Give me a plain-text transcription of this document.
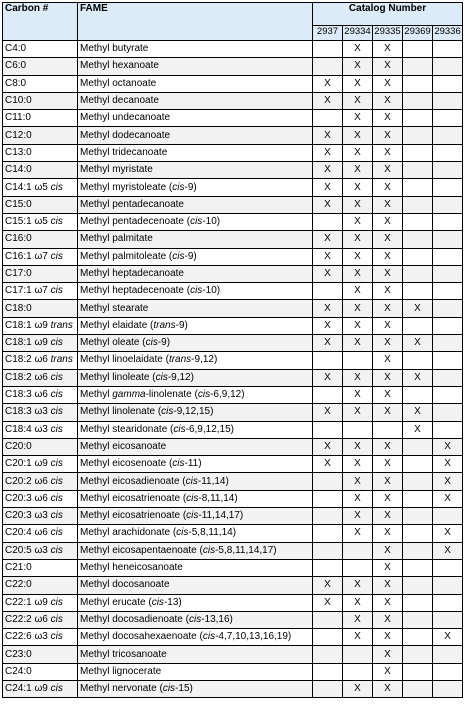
Carbon #	FAME	Catalog Number				
		2937	29334	29335	29369	29336
C4:0	Methyl butyrate		X	X		
C6:0	Methyl hexanoate		X	X		
C8:0	Methyl octanoate	X	X	X		
C10:0	Methyl decanoate	X	X	X		
C11:0	Methyl undecanoate		X	X		
C12:0	Methyl dodecanoate	X	X	X		
C13:0	Methyl tridecanoate	X	X	X		
C14:0	Methyl myristate	X	X	X		
C14:1 ω5 cis	Methyl myristoleate (cis-9)	X	X	X		
C15:0	Methyl pentadecanoate	X	X	X		
C15:1 ω5 cis	Methyl pentadecenoate (cis-10)		X	X		
C16:0	Methyl palmitate	X	X	X		
C16:1 ω7 cis	Methyl palmitoleate (cis-9)	X	X	X		
C17:0	Methyl heptadecanoate	X	X	X		
C17:1 ω7 cis	Methyl heptadecenoate (cis-10)		X	X		
C18:0	Methyl stearate	X	X	X	X	
C18:1 ω9 trans	Methyl elaidate (trans-9)	X	X	X		
C18:1 ω9 cis	Methyl oleate (cis-9)	X	X	X	X	
C18:2 ω6 trans	Methyl linoelaidate (trans-9,12)			X		
C18:2 ω6 cis	Methyl linoleate (cis-9,12)	X	X	X	X	
C18:3 ω6 cis	Methyl gamma-linolenate (cis-6,9,12)		X	X		
C18:3 ω3 cis	Methyl linolenate (cis-9,12,15)	X	X	X	X	
C18:4 ω3 cis	Methyl stearidonate (cis-6,9,12,15)				X	
C20:0	Methyl eicosanoate	X	X	X		X
C20:1 ω9 cis	Methyl eicosenoate (cis-11)	X	X	X		X
C20:2 ω6 cis	Methyl eicosadienoate (cis-11,14)		X	X		X
C20:3 ω6 cis	Methyl eicosatrienoate (cis-8,11,14)		X	X		X
C20:3 ω3 cis	Methyl eicosatrienoate (cis-11,14,17)		X	X		
C20:4 ω6 cis	Methyl arachidonate (cis-5,8,11,14)		X	X		X
C20:5 ω3 cis	Methyl eicosapentaenoate (cis-5,8,11,14,17)			X		X
C21:0	Methyl heneicosanoate			X		
C22:0	Methyl docosanoate	X	X	X		
C22:1 ω9 cis	Methyl erucate (cis-13)	X	X	X		
C22:2 ω6 cis	Methyl docosadienoate (cis-13,16)		X	X		
C22:6 ω3 cis	Methyl docosahexaenoate (cis-4,7,10,13,16,19)		X	X		X
C23:0	Methyl tricosanoate			X		
C24:0	Methyl lignocerate			X		
C24:1 ω9 cis	Methyl nervonate (cis-15)		X	X		
